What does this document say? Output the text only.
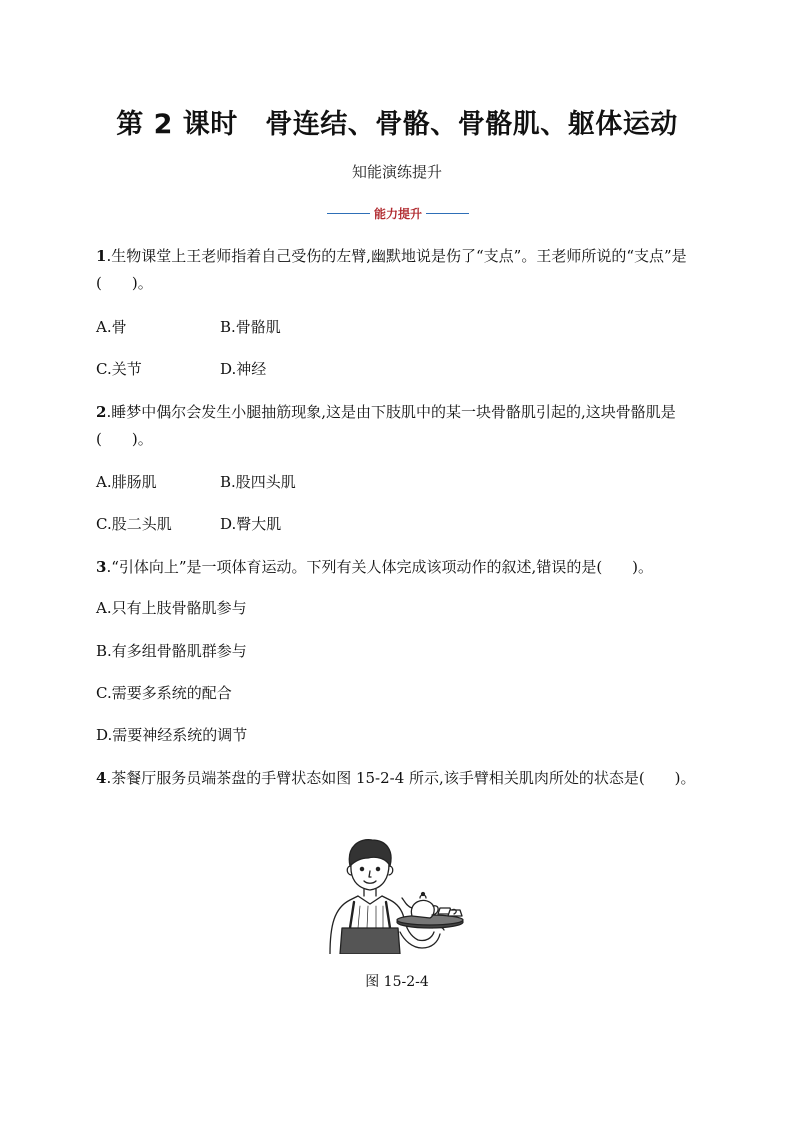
第 2 课时　骨连结、骨骼、骨骼肌、躯体运动
知能演练提升
能力提升
1.生物课堂上王老师指着自己受伤的左臂,幽默地说是伤了“支点”。王老师所说的“支点”是(　　)。
A.骨	B.骨骼肌
C.关节	D.神经
2.睡梦中偶尔会发生小腿抽筋现象,这是由下肢肌中的某一块骨骼肌引起的,这块骨骼肌是(　　)。
A.腓肠肌	B.股四头肌
C.股二头肌	D.臀大肌
3.“引体向上”是一项体育运动。下列有关人体完成该项动作的叙述,错误的是(　　)。
A.只有上肢骨骼肌参与
B.有多组骨骼肌群参与
C.需要多系统的配合
D.需要神经系统的调节
4.茶餐厅服务员端茶盘的手臂状态如图 15-2-4 所示,该手臂相关肌肉所处的状态是(　　)。
图 15-2-4
